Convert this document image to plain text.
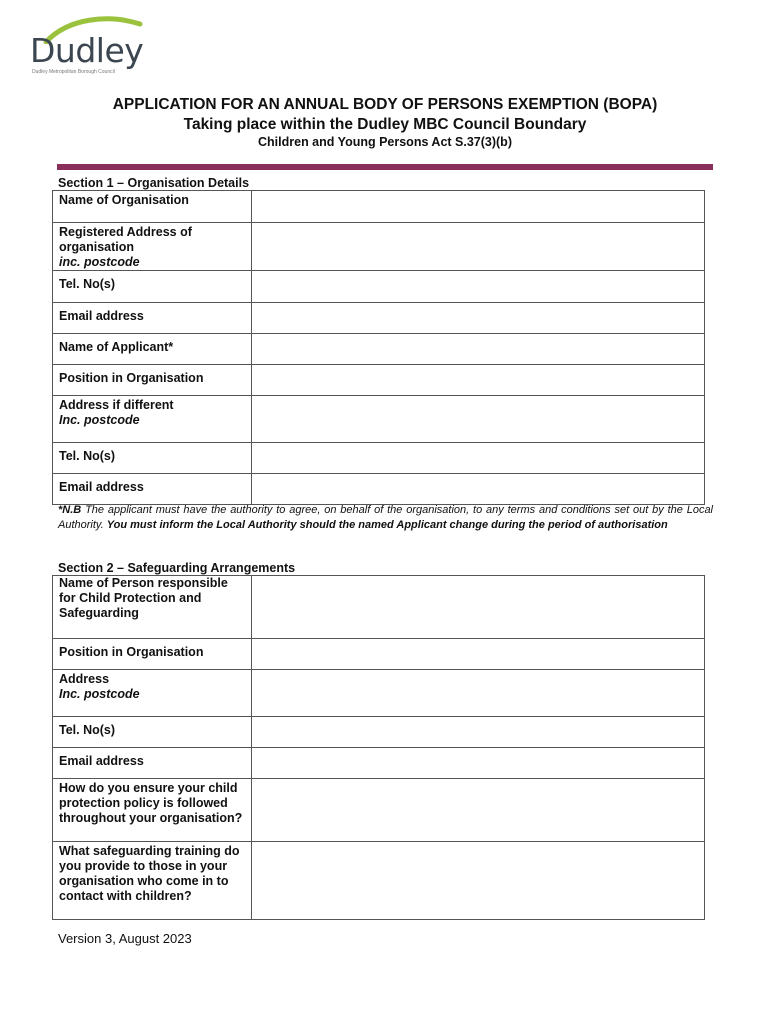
Dudley
Dudley Metropolitan Borough Council
APPLICATION FOR AN ANNUAL BODY OF PERSONS EXEMPTION (BOPA)
Taking place within the Dudley MBC Council Boundary
Children and Young Persons Act S.37(3)(b)
Section 1 – Organisation Details
Name of Organisation	

Registered Address of organisation
inc. postcode	

Tel. No(s)	

Email address	

Name of Applicant*	

Position in Organisation	

Address if different
Inc. postcode	

Tel. No(s)	

Email address	

*N.B The applicant must have the authority to agree, on behalf of the organisation, to any terms and conditions set out by the Local Authority. You must inform the Local Authority should the named Applicant change during the period of authorisation
Section 2 – Safeguarding Arrangements
Name of Person responsible for Child Protection and Safeguarding	

Position in Organisation	

Address
Inc. postcode	

Tel. No(s)	

Email address	

How do you ensure your child protection policy is followed throughout your organisation?	

What safeguarding training do you provide to those in your organisation who come in to contact with children?	

Version 3, August 2023
